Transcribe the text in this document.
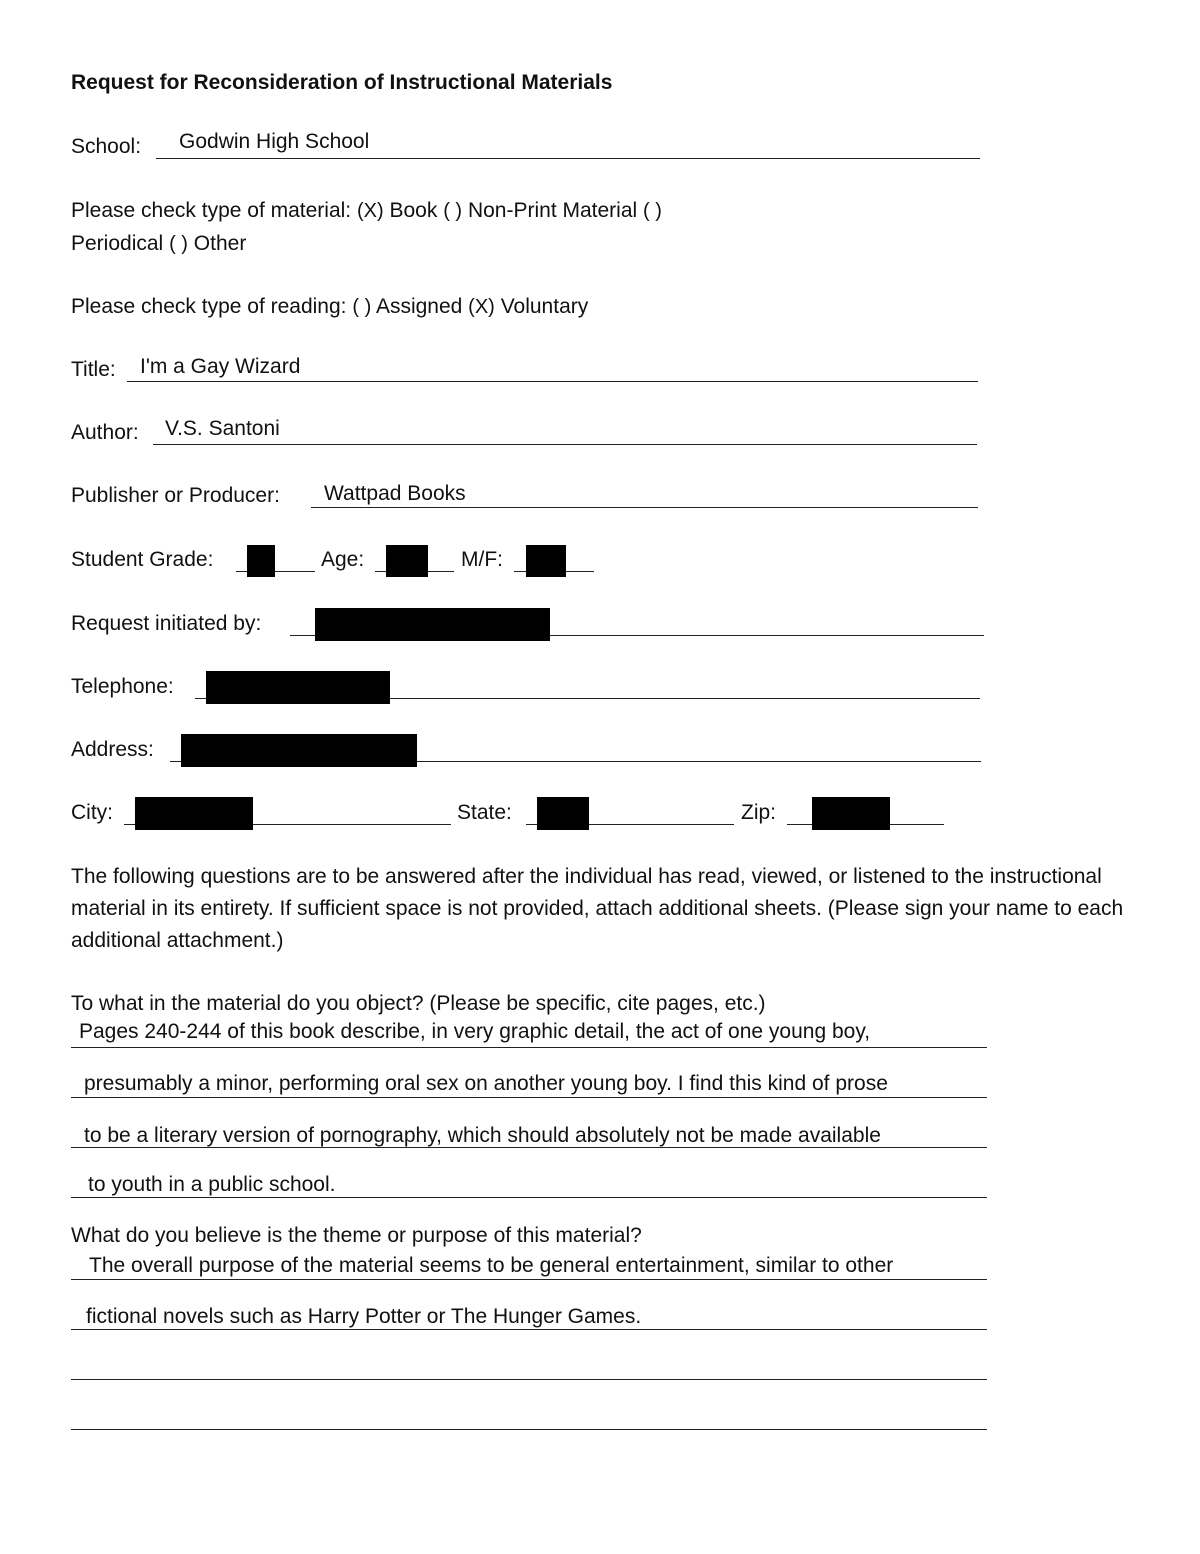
Request for Reconsideration of Instructional Materials
School: Godwin High School
Please check type of material: (X) Book ( ) Non-Print Material ( )
Periodical ( ) Other
Please check type of reading: ( ) Assigned (X) Voluntary
Title: I'm a Gay Wizard
Author: V.S. Santoni
Publisher or Producer: Wattpad Books
Student Grade:	Age:	M/F:
Request initiated by:
Telephone:
Address:
City:	State:	Zip:
The following questions are to be answered after the individual has read, viewed, or listened to the instructional material in its entirety. If sufficient space is not provided, attach additional sheets. (Please sign your name to each additional attachment.)
To what in the material do you object? (Please be specific, cite pages, etc.)
Pages 240-244 of this book describe, in very graphic detail, the act of one young boy,
presumably a minor, performing oral sex on another young boy. I find this kind of prose
to be a literary version of pornography, which should absolutely not be made available
to youth in a public school.
What do you believe is the theme or purpose of this material?
The overall purpose of the material seems to be general entertainment, similar to other
fictional novels such as Harry Potter or The Hunger Games.
